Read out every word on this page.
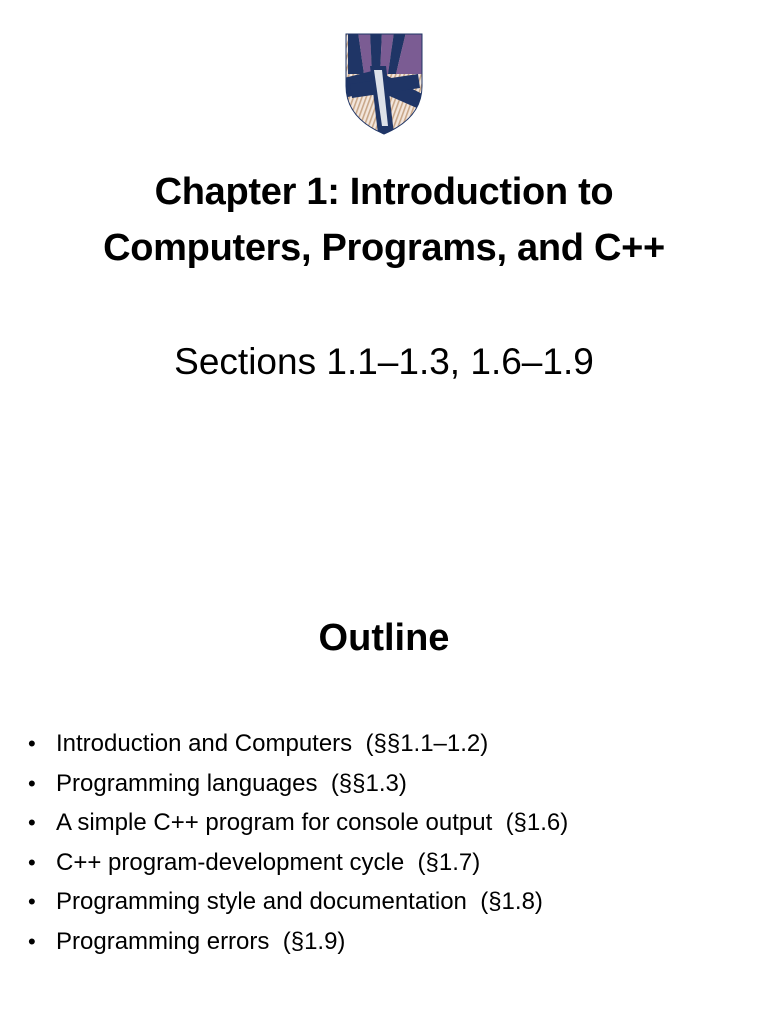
Chapter 1: Introduction to
Computers, Programs, and C++
Sections 1.1–1.3, 1.6–1.9
Outline
• Introduction and Computers  (§§1.1–1.2)
• Programming languages  (§§1.3)
• A simple C++ program for console output  (§1.6)
• C++ program-development cycle  (§1.7)
• Programming style and documentation  (§1.8)
• Programming errors  (§1.9)
